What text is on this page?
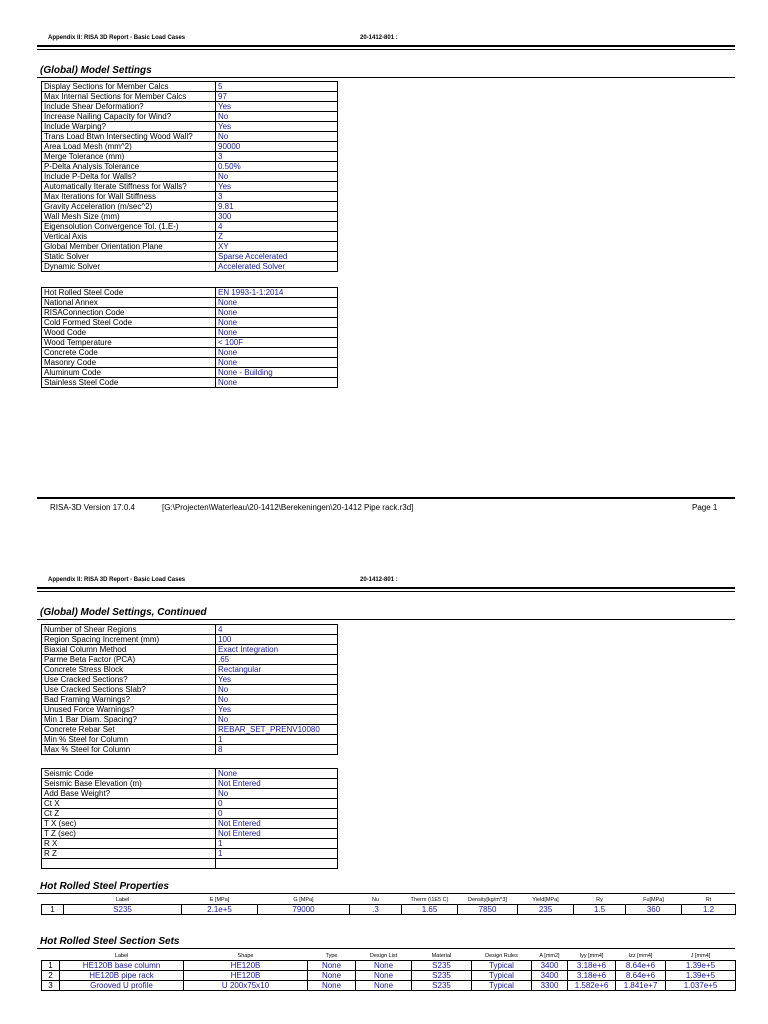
Appendix II: RISA 3D Report - Basic Load Cases	20-1412-801 :
(Global) Model Settings
Display Sections for Member Calcs	5
Max Internal Sections for Member Calcs	97
Include Shear Deformation?	Yes
Increase Nailing Capacity for Wind?	No
Include Warping?	Yes
Trans Load Btwn Intersecting Wood Wall?	No
Area Load Mesh (mm^2)	90000
Merge Tolerance (mm)	3
P-Delta Analysis Tolerance	0.50%
Include P-Delta for Walls?	No
Automatically Iterate Stiffness for Walls?	Yes
Max Iterations for Wall Stiffness	3
Gravity Acceleration (m/sec^2)	9.81
Wall Mesh Size (mm)	300
Eigensolution Convergence Tol. (1.E-)	4
Vertical Axis	Z
Global Member Orientation Plane	XY
Static Solver	Sparse Accelerated
Dynamic Solver	Accelerated Solver
Hot Rolled Steel Code	EN 1993-1-1:2014
National Annex	None
RISAConnection Code	None
Cold Formed Steel Code	None
Wood Code	None
Wood Temperature	< 100F
Concrete Code	None
Masonry Code	None
Aluminum Code	None - Building
Stainless Steel Code	None
RISA-3D Version 17.0.4	[G:\Projecten\Waterleau\20-1412\Berekeningen\20-1412 Pipe rack.r3d]	Page 1
Appendix II: RISA 3D Report - Basic Load Cases	20-1412-801 :
(Global) Model Settings, Continued
Number of Shear Regions	4
Region Spacing Increment (mm)	100
Biaxial Column Method	Exact Integration
Parme Beta Factor (PCA)	.65
Concrete Stress Block	Rectangular
Use Cracked Sections?	Yes
Use Cracked Sections Slab?	No
Bad Framing Warnings?	No
Unused Force Warnings?	Yes
Min 1 Bar Diam. Spacing?	No
Concrete Rebar Set	REBAR_SET_PRENV10080
Min % Steel for Column	1
Max % Steel for Column	8
Seismic Code	None
Seismic Base Elevation (m)	Not Entered
Add Base Weight?	No
Ct X	0
Ct Z	0
T X (sec)	Not Entered
T Z (sec)	Not Entered
R X	1
R Z	1

Hot Rolled Steel Properties
	Label	E [MPa]	G [MPa]	Nu	Therm (\1E5 C)	Density[kg/m^3]	Yield[MPa]	Ry	Fu[MPa]	Rt
1	S235	2.1e+5	79000	.3	1.65	7850	235	1.5	360	1.2
Hot Rolled Steel Section Sets
	Label	Shape	Type	Design List	Material	Design Rules	A [mm2]	Iyy [mm4]	Izz [mm4]	J [mm4]
1	HE120B base column	HE120B	None	None	S235	Typical	3400	3.18e+6	8.64e+6	1.39e+5
2	HE120B pipe rack	HE120B	None	None	S235	Typical	3400	3.18e+6	8.64e+6	1.39e+5
3	Grooved U profile	U 200x75x10	None	None	S235	Typical	3300	1.582e+6	1.841e+7	1.037e+5
